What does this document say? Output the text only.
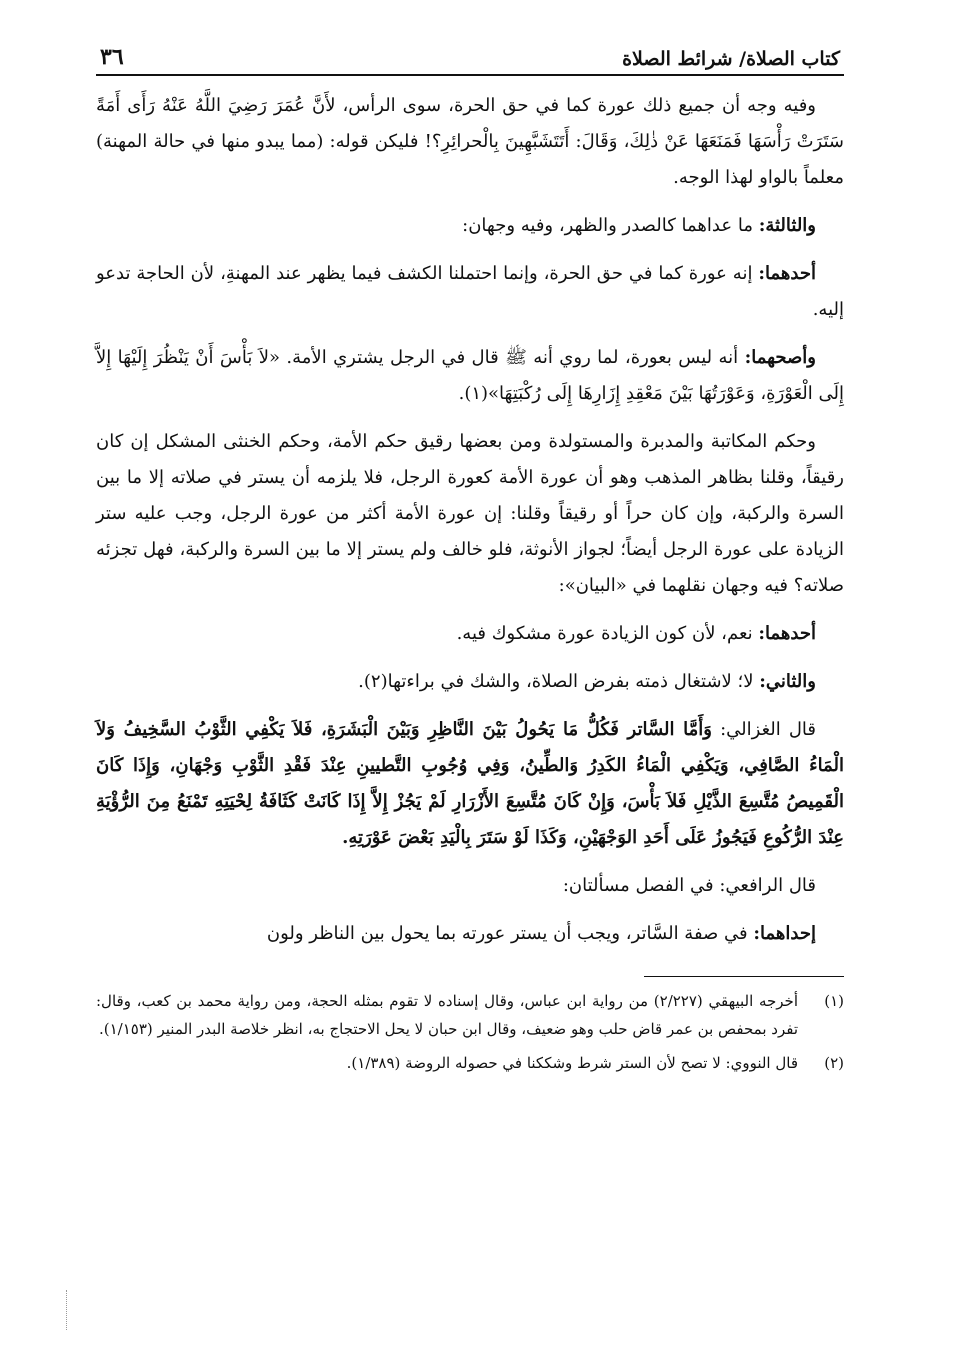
كتاب الصلاة/ شرائط الصلاة
٣٦

وفيه وجه أن جميع ذلك عورة كما في حق الحرة، سوى الرأس، لأَنَّ عُمَرَ رَضِيَ اللَّهُ عَنْهُ رَأَى أَمَةً سَتَرَتْ رَأْسَهَا فَمَنَعَهَا عَنْ ذٰلِكَ، وَقَالَ: أَتَتَشَبَّهِينَ بِالْحرائِرِ؟! فليكن قوله: (مما يبدو منها في حالة المهنة) معلماً بالواو لهذا الوجه.

والثالثة: ما عداهما كالصدر والظهر، وفيه وجهان:

أحدهما: إنه عورة كما في حق الحرة، وإنما احتملنا الكشف فيما يظهر عند المهنةِ، لأن الحاجة تدعو إليه.

وأصحهما: أنه ليس بعورة، لما روي أنه ﷺ قال في الرجل يشتري الأمة. «لاَ بَأْسَ أَنْ يَنْظُرَ إِلَيْهَا إِلاَّ إِلَى الْعَوْرَةِ، وَعَوْرَتُهَا بَيْنَ مَعْقِدِ إِزَارِهَا إِلَى رُكْبَتِهَا»(١).

وحكم المكاتبة والمدبرة والمستولدة ومن بعضها رقيق حكم الأمة، وحكم الخنثى المشكل إن كان رقيقاً، وقلنا بظاهر المذهب وهو أن عورة الأمة كعورة الرجل، فلا يلزمه أن يستر في صلاته إلا ما بين السرة والركبة، وإن كان حراً أو رقيقاً وقلنا: إن عورة الأمة أكثر من عورة الرجل، وجب عليه ستر الزيادة على عورة الرجل أيضاً؛ لجواز الأنوثة، فلو خالف ولم يستر إلا ما بين السرة والركبة، فهل تجزئه صلاته؟ فيه وجهان نقلهما في «البيان»:

أحدهما: نعم، لأن كون الزيادة عورة مشكوك فيه.

والثاني: لا؛ لاشتغال ذمته بفرض الصلاة، والشك في براءتها(٢).

قال الغزالي: وَأَمَّا السَّاتر فَكُلُّ مَا يَحُولُ بَيْنَ النَّاظِرِ وَبَيْنَ الْبَشَرَةِ، فَلاَ يَكْفِي الثَّوْبُ السَّخِيفُ وَلاَ الْمَاءُ الصَّافِي، وَيَكْفِي الْمَاءُ الكَدِرُ وَالطِّينُ، وَفِي وُجُوبِ التَّطيينِ عِنْدَ فَقْدِ الثَّوْبِ وَجْهَانِ، وَإِذَا كَانَ الْقَمِيصُ مُتَّسِعَ الذَّيْلِ فَلاَ بَأْسَ، وَإِنْ كَانَ مُتَّسِعَ الأَزْرَارِ لَمْ يَجُزْ إِلاَّ إِذَا كَانَتْ كَثَافَةُ لِحْيَتِهِ تَمْنَعُ مِنَ الرُّؤْيَةِ عِنْدَ الرُّكُوعِ فَيَجُوزُ عَلَى أَحَدِ الوَجْهَيْنِ، وَكَذَا لَوْ سَتَرَ بِالْيَدِ بَعْضَ عَوْرَتِهِ.

قال الرافعي: في الفصل مسألتان:

إحداهما: في صفة السَّاتر، ويجب أن يستر عورته بما يحول بين الناظر ولون

(١)
أخرجه البيهقي (٢/٢٢٧) من رواية ابن عباس، وقال إسناده لا تقوم بمثله الحجة، ومن رواية محمد بن كعب، وقال: تفرد بمحفص بن عمر قاض حلب وهو ضعيف، وقال ابن حبان لا يحل الاحتجاج به، انظر خلاصة البدر المنير (١/١٥٣).
(٢)
قال النووي: لا تصح لأن الستر شرط وشككنا في حصوله الروضة (١/٣٨٩).
